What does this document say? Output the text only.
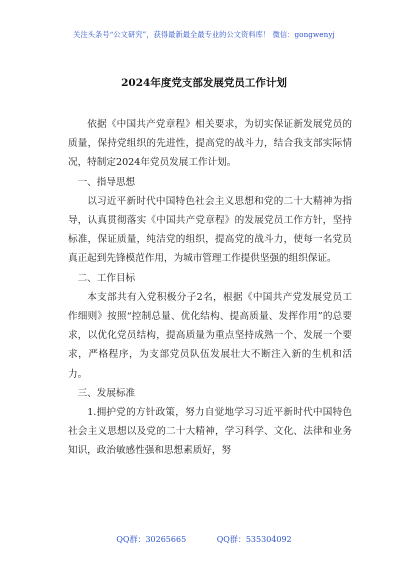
关注头条号“公文研究”，获得最新最全最专业的公文资料库！ 微信：gongwenyj
2024年度党支部发展党员工作计划

依据《中国共产党章程》相关要求，为切实保证新发展党员的质量，保持党组织的先进性，提高党的战斗力，结合我支部实际情况，特制定2024年党员发展工作计划。

一、指导思想

以习近平新时代中国特色社会主义思想和党的二十大精神为指导，认真贯彻落实《中国共产党章程》的发展党员工作方针，坚持标准，保证质量，纯洁党的组织，提高党的战斗力，使每一名党员真正起到先锋模范作用，为城市管理工作提供坚强的组织保证。

二、工作目标

本支部共有入党积极分子2名，根据《中国共产党发展党员工作细则》按照“控制总量、优化结构、提高质量、发挥作用”的总要求，以优化党员结构，提高质量为重点坚持成熟一个、发展一个要求，严格程序，为支部党员队伍发展壮大不断注入新的生机和活力。

三、发展标准

1.拥护党的方针政策，努力自觉地学习习近平新时代中国特色社会主义思想以及党的二十大精神，学习科学、文化、法律和业务知识，政治敏感性强和思想素质好，努

QQ群：30265665	QQ群：535304092
